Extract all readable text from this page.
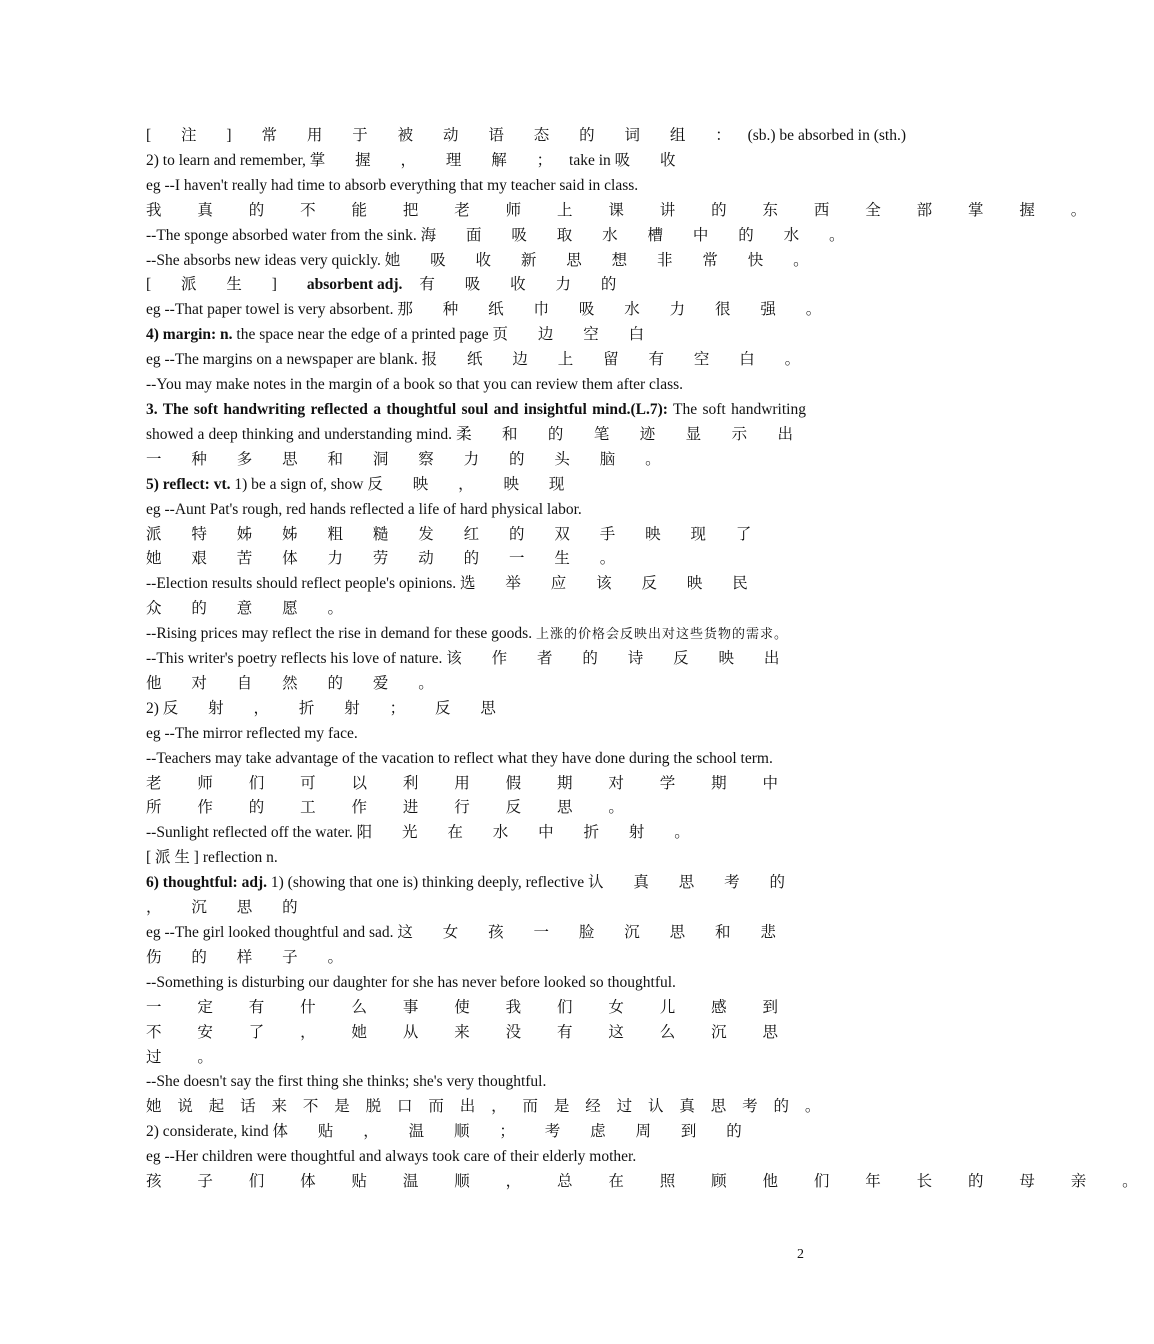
[ 注 ] 常 用 于 被 动 语 态 的 词 组 ： (sb.) be absorbed in (sth.)
2) to learn and remember, 掌 握 ， 理 解 ； take in 吸 收
eg --I haven't really had time to absorb everything that my teacher said in class.
我 真 的 不 能 把 老 师 上 课 讲 的 东 西 全 部 掌 握 。
--The sponge absorbed water from the sink. 海 面 吸 取 水 槽 中 的 水 。
--She absorbs new ideas very quickly. 她 吸 收 新 思 想 非 常 快 。
[ 派 生 ] absorbent adj. 有 吸 收 力 的
eg --That paper towel is very absorbent. 那 种 纸 巾 吸 水 力 很 强 。
4) margin: n. the space near the edge of a printed page 页 边 空 白
eg --The margins on a newspaper are blank. 报 纸 边 上 留 有 空 白 。
--You may make notes in the margin of a book so that you can review them after class.
3. The soft handwriting reflected a thoughtful soul and insightful mind.(L.7): The soft handwriting showed a deep thinking and understanding mind. 柔 和 的 笔 迹 显 示 出 一 种 多 思 和 洞 察 力 的 头 脑 。
5) reflect: vt. 1) be a sign of, show 反 映 ， 映 现
eg --Aunt Pat's rough, red hands reflected a life of hard physical labor.
派 特 姊 姊 粗 糙 发 红 的 双 手 映 现 了 她 艰 苦 体 力 劳 动 的 一 生 。
--Election results should reflect people's opinions. 选 举 应 该 反 映 民 众 的 意 愿 。
--Rising prices may reflect the rise in demand for these goods. 上涨的价格会反映出对这些货物的需求。
--This writer's poetry reflects his love of nature. 该 作 者 的 诗 反 映 出 他 对 自 然 的 爱 。
2) 反 射 ， 折 射 ； 反 思
eg --The mirror reflected my face.
--Teachers may take advantage of the vacation to reflect what they have done during the school term.
老 师 们 可 以 利 用 假 期 对 学 期 中 所 作 的 工 作 进 行 反 思 。
--Sunlight reflected off the water. 阳 光 在 水 中 折 射 。
[ 派 生 ] reflection n.
6) thoughtful: adj. 1) (showing that one is) thinking deeply, reflective 认 真 思 考 的 ， 沉 思 的
eg --The girl looked thoughtful and sad. 这 女 孩 一 脸 沉 思 和 悲 伤 的 样 子 。
--Something is disturbing our daughter for she has never before looked so thoughtful.
一 定 有 什 么 事 使 我 们 女 儿 感 到 不 安 了 ， 她 从 来 没 有 这 么 沉 思 过 。
--She doesn't say the first thing she thinks; she's very thoughtful.
她 说 起 话 来 不 是 脱 口 而 出 ， 而 是 经 过 认 真 思 考 的 。
2) considerate, kind 体 贴 ， 温 顺 ； 考 虑 周 到 的
eg --Her children were thoughtful and always took care of their elderly mother.
孩 子 们 体 贴 温 顺 ， 总 在 照 顾 他 们 年 长 的 母 亲 。
2
